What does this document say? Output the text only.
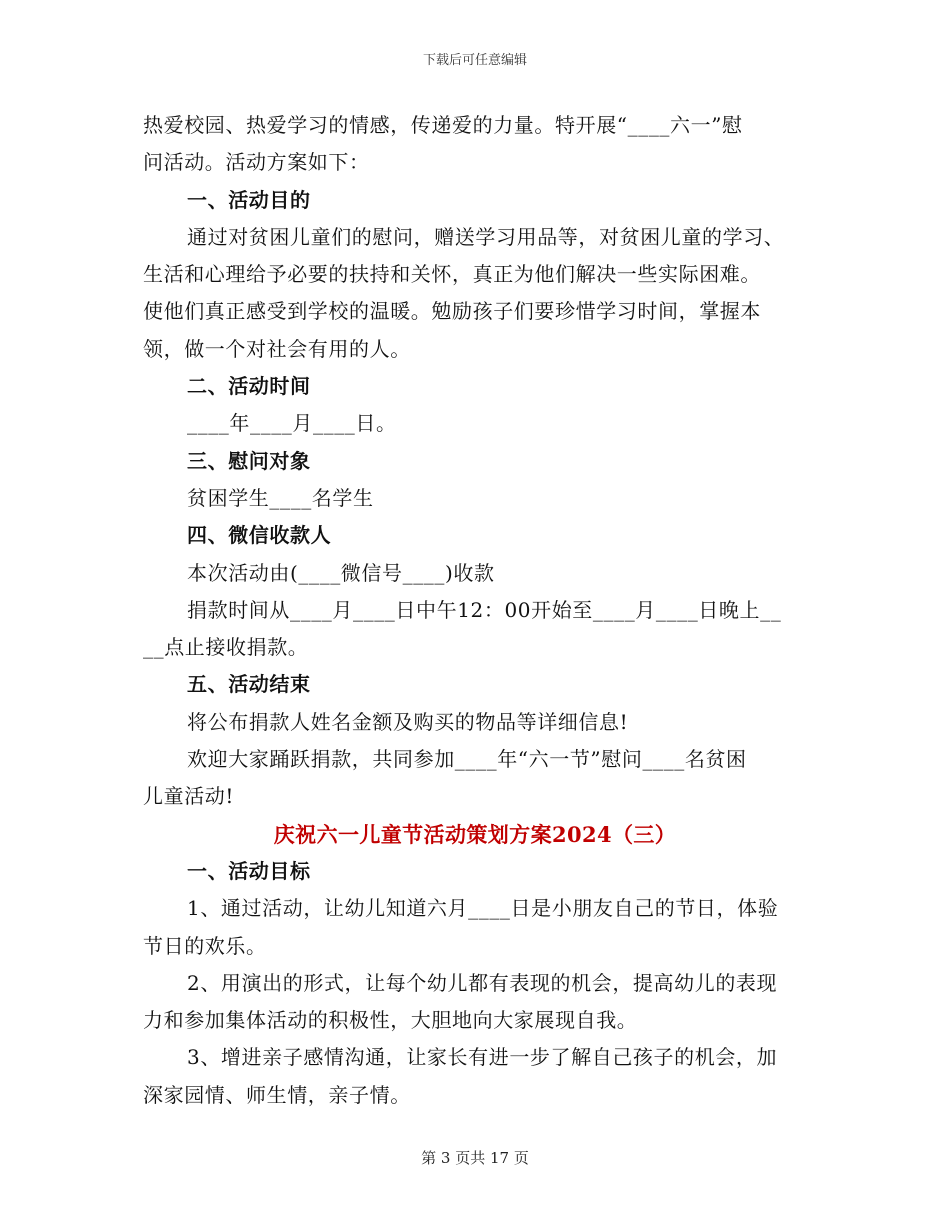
下载后可任意编辑
热爱校园、热爱学习的情感，传递爱的力量。特开展“____六一”慰
问活动。活动方案如下：
一、活动目的
通过对贫困儿童们的慰问，赠送学习用品等，对贫困儿童的学习、
生活和心理给予必要的扶持和关怀，真正为他们解决一些实际困难。
使他们真正感受到学校的温暖。勉励孩子们要珍惜学习时间，掌握本
领，做一个对社会有用的人。
二、活动时间
____年____月____日。
三、慰问对象
贫困学生____名学生
四、微信收款人
本次活动由(____微信号____)收款
捐款时间从____月____日中午12：00开始至____月____日晚上__
__点止接收捐款。
五、活动结束
将公布捐款人姓名金额及购买的物品等详细信息!
欢迎大家踊跃捐款，共同参加____年“六一节”慰问____名贫困
儿童活动!
庆祝六一儿童节活动策划方案2024（三）
一、活动目标
1、通过活动，让幼儿知道六月____日是小朋友自己的节日，体验
节日的欢乐。
2、用演出的形式，让每个幼儿都有表现的机会，提高幼儿的表现
力和参加集体活动的积极性，大胆地向大家展现自我。
3、增进亲子感情沟通，让家长有进一步了解自己孩子的机会，加
深家园情、师生情，亲子情。
第 3 页共 17 页
